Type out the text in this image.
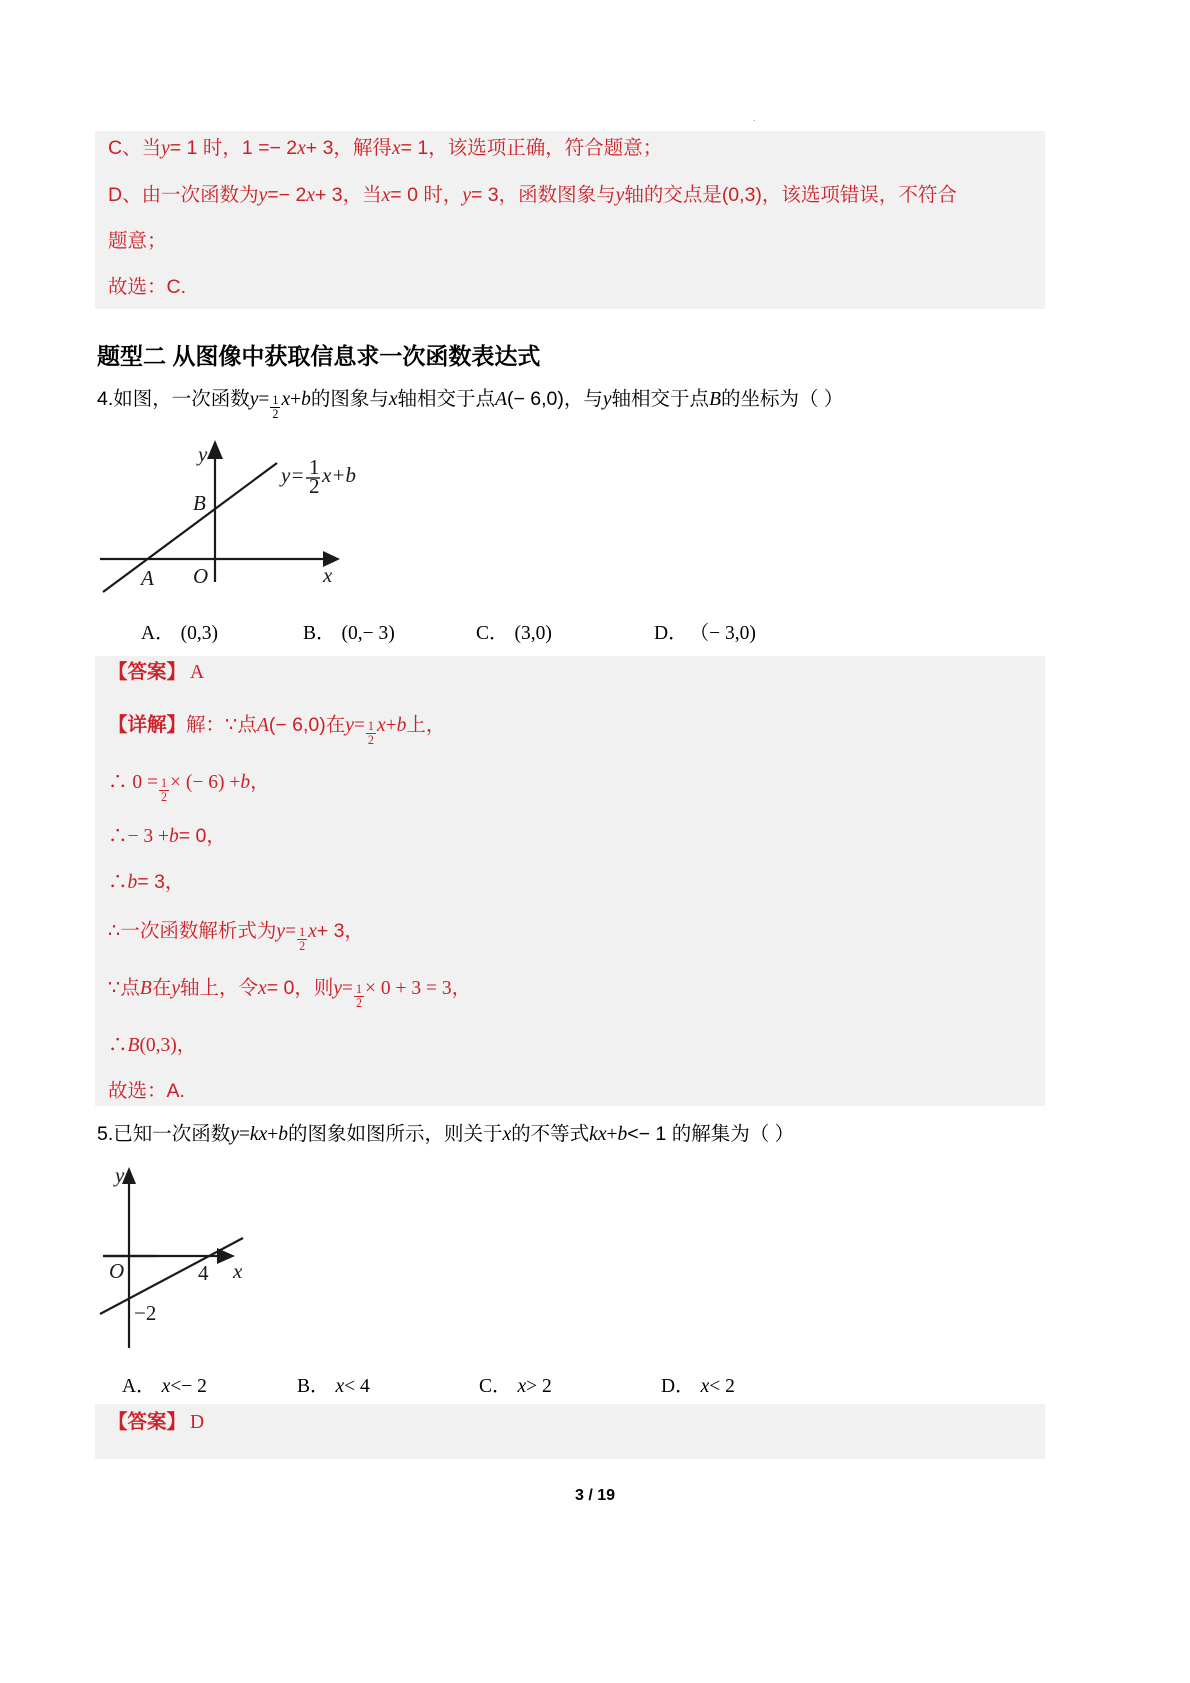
.
C、当 y = 1 时，1 =− 2 x + 3，解得 x = 1，该选项正确，符合题意；
D、由一次函数为 y =− 2 x + 3，当 x = 0 时， y = 3，函数图象与 y 轴的交点是(0,3)，该选项错误，不符合
题意；
故选：C.
题型二 从图像中获取信息求一次函数表达式
4.如图，一次函数 $y = \frac{1}{2}$ x + b 的图象与 x 轴相交于点 A (− 6,0)，与 y 轴相交于点 B 的坐标为（ ）
y
x
O
A
B
y= 1
2 x+b
A． (0,3)	B． (0,− 3)	C． (3,0)	D． （− 3,0)
【答案】 A
【详解】 解：∵点 A (− 6,0)在 $y = \frac{1}{2}$ x + b 上，
∴ $0 = \frac{1}{2}$ × (− 6) + b ，
∴− 3 + b = 0，
∴ b = 3，
∴一次函数解析式为 $y = \frac{1}{2}$ x + 3，
∵点 B 在 y 轴上，令 x = 0，则 $y = \frac{1}{2} \times 0 + 3 = 3$，
∴ B (0,3)，
故选：A.
5.已知一次函数 y = k x + b 的图象如图所示，则关于 x 的不等式 k x + b <− 1 的解集为（ ）
y
x
O	4
−2
A． x <− 2	B． x < 4	C． x > 2	D． x < 2
【答案】 D
3 / 19
